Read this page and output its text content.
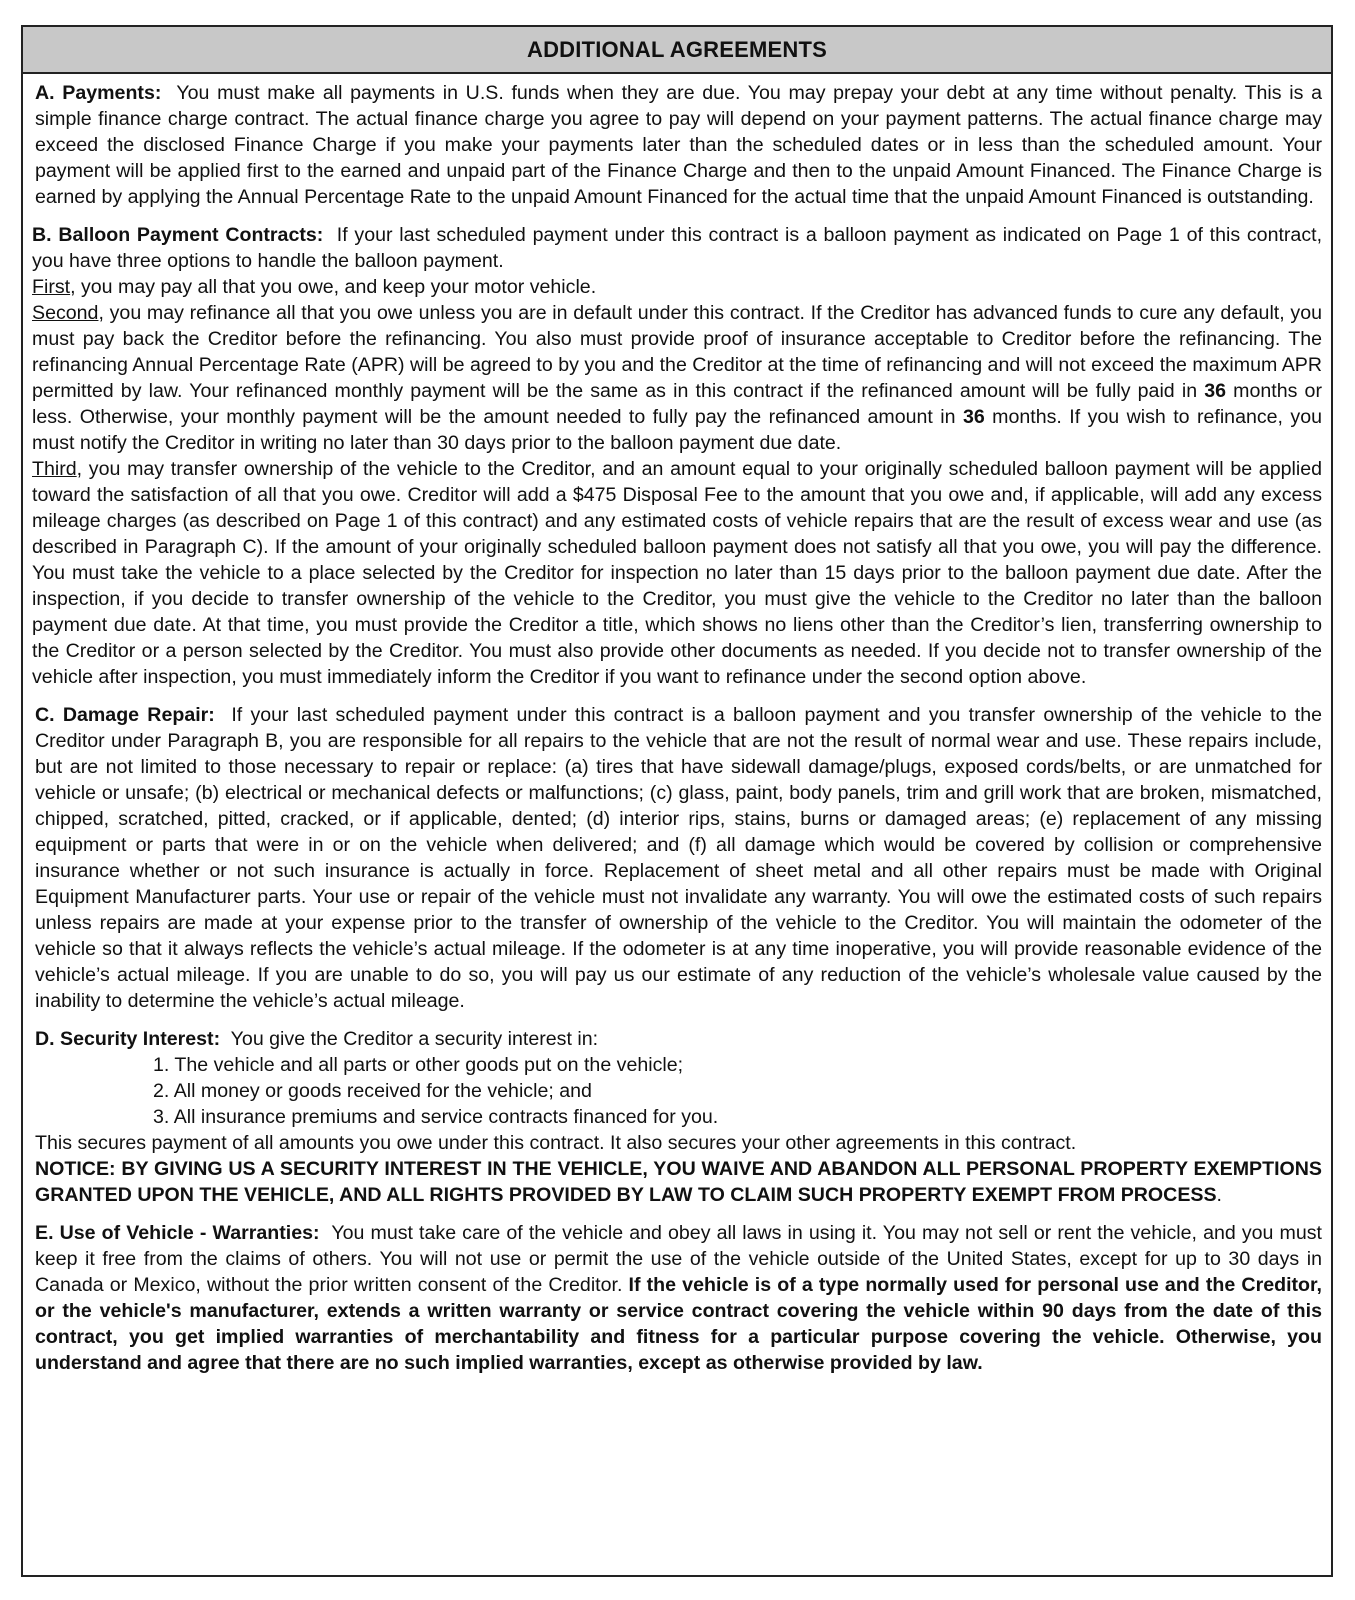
ADDITIONAL AGREEMENTS

A. Payments: You must make all payments in U.S. funds when they are due. You may prepay your debt at any time without penalty. This is a simple finance charge contract. The actual finance charge you agree to pay will depend on your payment patterns. The actual finance charge may exceed the disclosed Finance Charge if you make your payments later than the scheduled dates or in less than the scheduled amount. Your payment will be applied first to the earned and unpaid part of the Finance Charge and then to the unpaid Amount Financed. The Finance Charge is earned by applying the Annual Percentage Rate to the unpaid Amount Financed for the actual time that the unpaid Amount Financed is outstanding.

B. Balloon Payment Contracts: If your last scheduled payment under this contract is a balloon payment as indicated on Page 1 of this contract, you have three options to handle the balloon payment.

First, you may pay all that you owe, and keep your motor vehicle.

Second, you may refinance all that you owe unless you are in default under this contract. If the Creditor has advanced funds to cure any default, you must pay back the Creditor before the refinancing. You also must provide proof of insurance acceptable to Creditor before the refinancing. The refinancing Annual Percentage Rate (APR) will be agreed to by you and the Creditor at the time of refinancing and will not exceed the maximum APR permitted by law. Your refinanced monthly payment will be the same as in this contract if the refinanced amount will be fully paid in 36 months or less. Otherwise, your monthly payment will be the amount needed to fully pay the refinanced amount in 36 months. If you wish to refinance, you must notify the Creditor in writing no later than 30 days prior to the balloon payment due date.

Third, you may transfer ownership of the vehicle to the Creditor, and an amount equal to your originally scheduled balloon payment will be applied toward the satisfaction of all that you owe. Creditor will add a $475 Disposal Fee to the amount that you owe and, if applicable, will add any excess mileage charges (as described on Page 1 of this contract) and any estimated costs of vehicle repairs that are the result of excess wear and use (as described in Paragraph C). If the amount of your originally scheduled balloon payment does not satisfy all that you owe, you will pay the difference. You must take the vehicle to a place selected by the Creditor for inspection no later than 15 days prior to the balloon payment due date. After the inspection, if you decide to transfer ownership of the vehicle to the Creditor, you must give the vehicle to the Creditor no later than the balloon payment due date. At that time, you must provide the Creditor a title, which shows no liens other than the Creditor’s lien, transferring ownership to the Creditor or a person selected by the Creditor. You must also provide other documents as needed. If you decide not to transfer ownership of the vehicle after inspection, you must immediately inform the Creditor if you want to refinance under the second option above.

C. Damage Repair: If your last scheduled payment under this contract is a balloon payment and you transfer ownership of the vehicle to the Creditor under Paragraph B, you are responsible for all repairs to the vehicle that are not the result of normal wear and use. These repairs include, but are not limited to those necessary to repair or replace: (a) tires that have sidewall damage/plugs, exposed cords/belts, or are unmatched for vehicle or unsafe; (b) electrical or mechanical defects or malfunctions; (c) glass, paint, body panels, trim and grill work that are broken, mismatched, chipped, scratched, pitted, cracked, or if applicable, dented; (d) interior rips, stains, burns or damaged areas; (e) replacement of any missing equipment or parts that were in or on the vehicle when delivered; and (f) all damage which would be covered by collision or comprehensive insurance whether or not such insurance is actually in force. Replacement of sheet metal and all other repairs must be made with Original Equipment Manufacturer parts. Your use or repair of the vehicle must not invalidate any warranty. You will owe the estimated costs of such repairs unless repairs are made at your expense prior to the transfer of ownership of the vehicle to the Creditor. You will maintain the odometer of the vehicle so that it always reflects the vehicle’s actual mileage. If the odometer is at any time inoperative, you will provide reasonable evidence of the vehicle’s actual mileage. If you are unable to do so, you will pay us our estimate of any reduction of the vehicle’s wholesale value caused by the inability to determine the vehicle’s actual mileage.

D. Security Interest: You give the Creditor a security interest in:

1. The vehicle and all parts or other goods put on the vehicle;
2. All money or goods received for the vehicle; and
3. All insurance premiums and service contracts financed for you.

This secures payment of all amounts you owe under this contract. It also secures your other agreements in this contract.

NOTICE: BY GIVING US A SECURITY INTEREST IN THE VEHICLE, YOU WAIVE AND ABANDON ALL PERSONAL PROPERTY EXEMPTIONS GRANTED UPON THE VEHICLE, AND ALL RIGHTS PROVIDED BY LAW TO CLAIM SUCH PROPERTY EXEMPT FROM PROCESS.

E. Use of Vehicle - Warranties: You must take care of the vehicle and obey all laws in using it. You may not sell or rent the vehicle, and you must keep it free from the claims of others. You will not use or permit the use of the vehicle outside of the United States, except for up to 30 days in Canada or Mexico, without the prior written consent of the Creditor. If the vehicle is of a type normally used for personal use and the Creditor, or the vehicle's manufacturer, extends a written warranty or service contract covering the vehicle within 90 days from the date of this contract, you get implied warranties of merchantability and fitness for a particular purpose covering the vehicle. Otherwise, you understand and agree that there are no such implied warranties, except as otherwise provided by law.
